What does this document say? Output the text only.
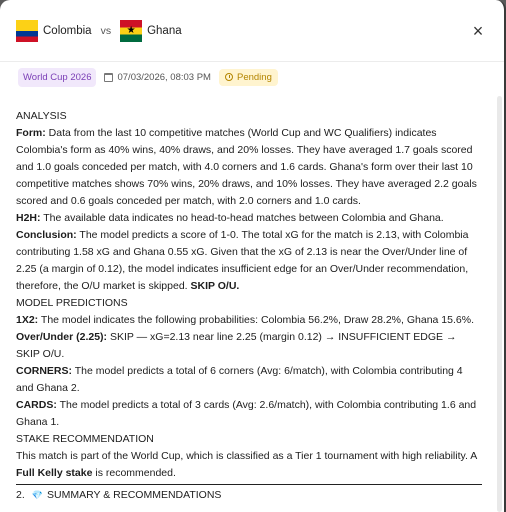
Colombia vs	★	Ghana	×
World Cup 2026	07/03/2026, 08:03 PM	Pending

ANALYSIS

Form: Data from the last 10 competitive matches (World Cup and WC Qualifiers) indicates Colombia's form as 40% wins, 40% draws, and 20% losses. They have averaged 1.7 goals scored and 1.0 goals conceded per match, with 4.0 corners and 1.6 cards. Ghana's form over their last 10 competitive matches shows 70% wins, 20% draws, and 10% losses. They have averaged 2.2 goals scored and 0.6 goals conceded per match, with 2.0 corners and 1.0 cards.

H2H: The available data indicates no head-to-head matches between Colombia and Ghana.

Conclusion: The model predicts a score of 1-0. The total xG for the match is 2.13, with Colombia contributing 1.58 xG and Ghana 0.55 xG. Given that the xG of 2.13 is near the Over/Under line of 2.25 (a margin of 0.12), the model indicates insufficient edge for an Over/Under recommendation, therefore, the O/U market is skipped. SKIP O/U.

MODEL PREDICTIONS

1X2: The model indicates the following probabilities: Colombia 56.2%, Draw 28.2%, Ghana 15.6%.

Over/Under (2.25): SKIP — xG=2.13 near line 2.25 (margin 0.12) → INSUFFICIENT EDGE → SKIP O/U.

CORNERS: The model predicts a total of 6 corners (Avg: 6/match), with Colombia contributing 4 and Ghana 2.

CARDS: The model predicts a total of 3 cards (Avg: 2.6/match), with Colombia contributing 1.6 and Ghana 1.

STAKE RECOMMENDATION

This match is part of the World Cup, which is classified as a Tier 1 tournament with high reliability. A Full Kelly stake is recommended.

2. 💎 SUMMARY & RECOMMENDATIONS
